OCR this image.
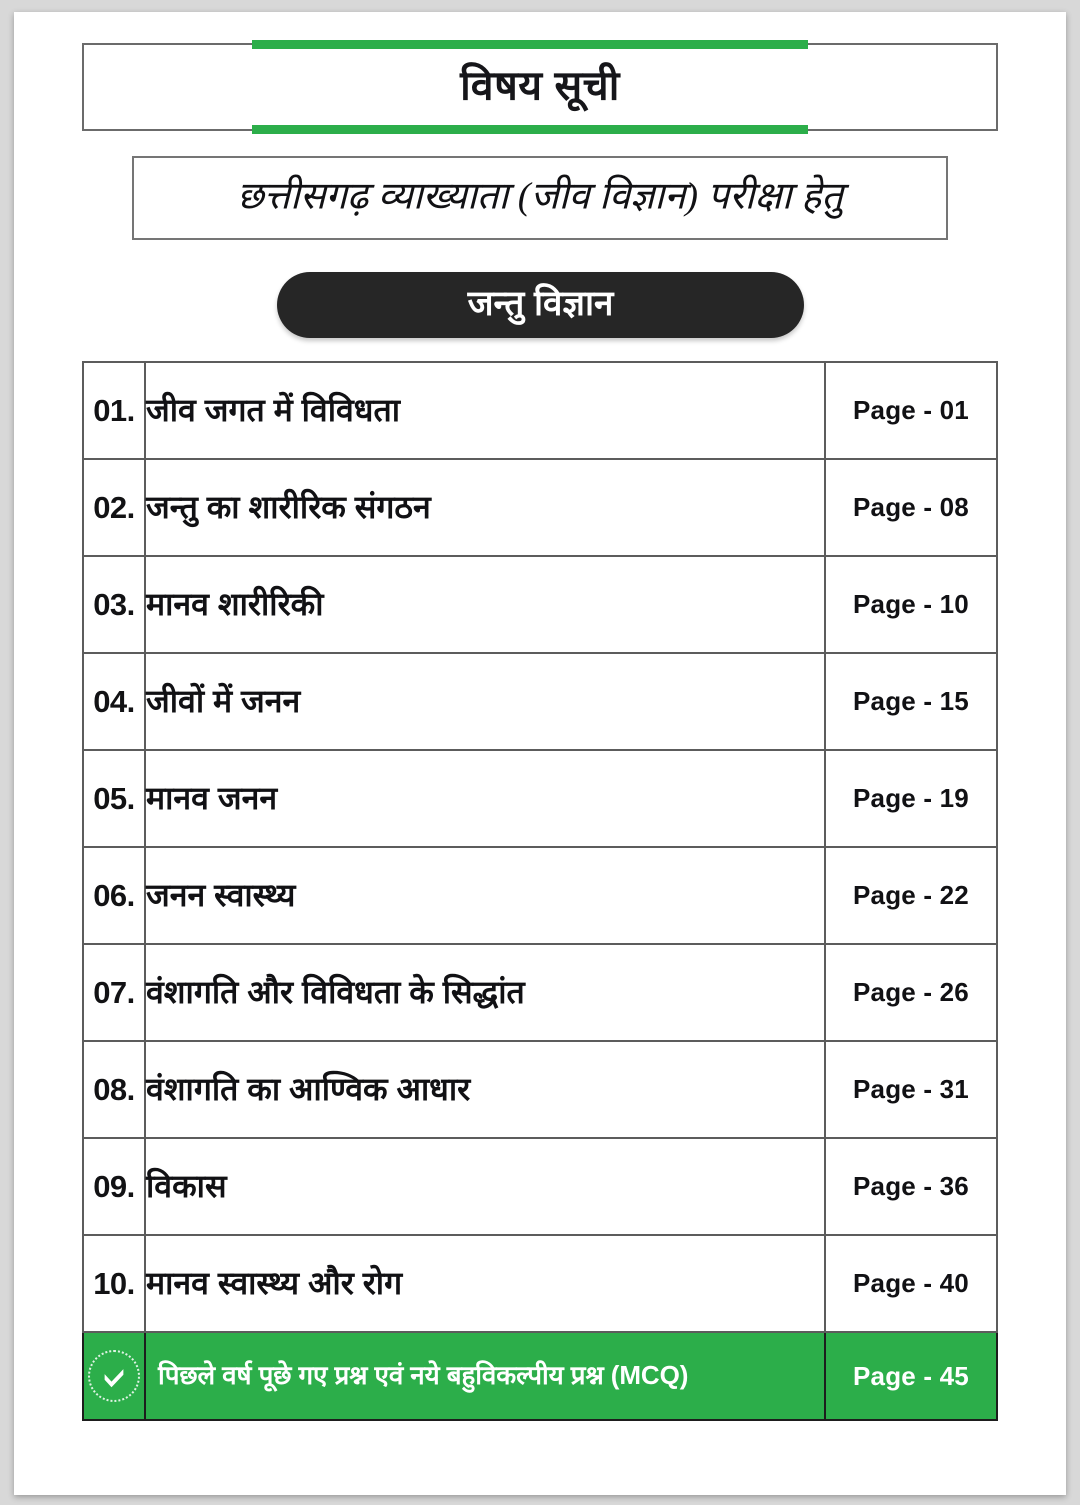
विषय सूची
छत्तीसगढ़ व्याख्याता (जीव विज्ञान) परीक्षा हेतु
जन्तु विज्ञान
01.	जीव जगत में विविधता	Page - 01
02.	जन्तु का शारीरिक संगठन	Page - 08
03.	मानव शारीरिकी	Page - 10
04.	जीवों में जनन	Page - 15
05.	मानव जनन	Page - 19
06.	जनन स्वास्थ्य	Page - 22
07.	वंशागति और विविधता के सिद्धांत	Page - 26
08.	वंशागति का आण्विक आधार	Page - 31
09.	विकास	Page - 36
10.	मानव स्वास्थ्य और रोग	Page - 40

	पिछले वर्ष पूछे गए प्रश्न एवं नये बहुविकल्पीय प्रश्न (MCQ)	Page - 45
